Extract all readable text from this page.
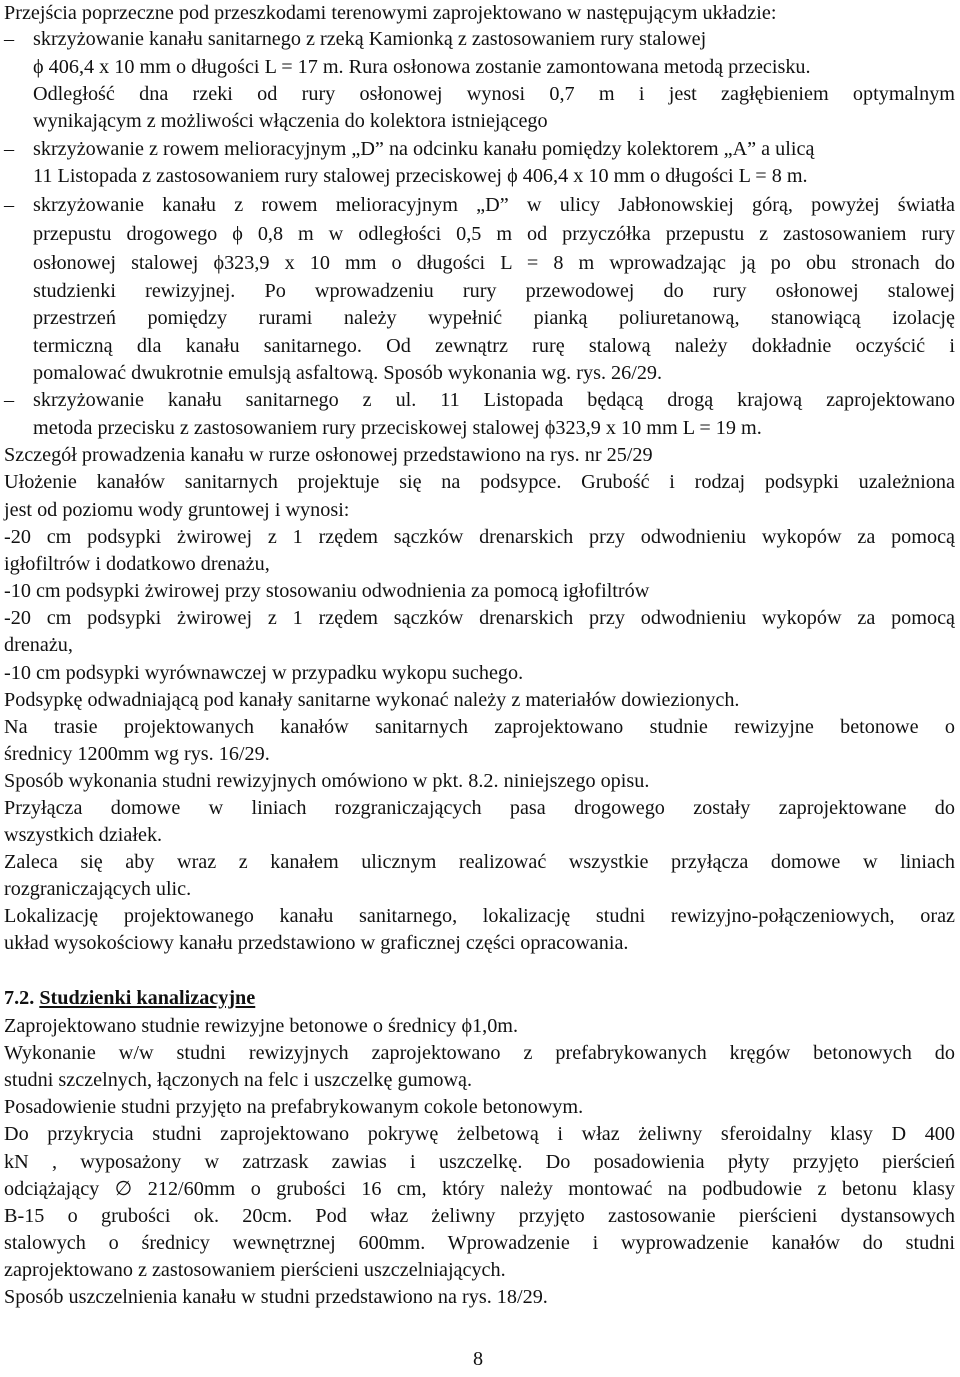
Przejścia poprzeczne pod przeszkodami terenowymi zaprojektowano w następującym układzie:
– skrzyżowanie kanału sanitarnego z rzeką Kamionką z zastosowaniem rury stalowej
ϕ 406,4 x 10 mm o długości L = 17 m. Rura osłonowa zostanie zamontowana metodą przecisku.
Odległość dna rzeki od rury osłonowej wynosi 0,7 m i jest zagłębieniem optymalnym
wynikającym z możliwości włączenia do kolektora istniejącego
– skrzyżowanie z rowem melioracyjnym „D” na odcinku kanału pomiędzy kolektorem „A” a ulicą
11 Listopada z zastosowaniem rury stalowej przeciskowej ϕ 406,4 x 10 mm o długości L = 8 m.
– skrzyżowanie kanału z rowem melioracyjnym „D” w ulicy Jabłonowskiej górą, powyżej światła
przepustu drogowego ϕ 0,8 m w odległości 0,5 m od przyczółka przepustu z zastosowaniem rury
osłonowej stalowej ϕ323,9 x 10 mm o długości L = 8 m wprowadzając ją po obu stronach do
studzienki rewizyjnej. Po wprowadzeniu rury przewodowej do rury osłonowej stalowej
przestrzeń pomiędzy rurami należy wypełnić pianką poliuretanową, stanowiącą izolację
termiczną dla kanału sanitarnego. Od zewnątrz rurę stalową należy dokładnie oczyścić i
pomalować dwukrotnie emulsją asfaltową. Sposób wykonania wg. rys. 26/29.
– skrzyżowanie kanału sanitarnego z ul. 11 Listopada będącą drogą krajową zaprojektowano
metoda przecisku z zastosowaniem rury przeciskowej stalowej ϕ323,9 x 10 mm L = 19 m.
Szczegół prowadzenia kanału w rurze osłonowej przedstawiono na rys. nr 25/29
Ułożenie kanałów sanitarnych projektuje się na podsypce. Grubość i rodzaj podsypki uzależniona
jest od poziomu wody gruntowej i wynosi:
-20 cm podsypki żwirowej z 1 rzędem sączków drenarskich przy odwodnieniu wykopów za pomocą
igłofiltrów i dodatkowo drenażu,
-10 cm podsypki żwirowej przy stosowaniu odwodnienia za pomocą igłofiltrów
-20 cm podsypki żwirowej z 1 rzędem sączków drenarskich przy odwodnieniu wykopów za pomocą
drenażu,
-10 cm podsypki wyrównawczej w przypadku wykopu suchego.
Podsypkę odwadniającą pod kanały sanitarne wykonać należy z materiałów dowiezionych.
Na trasie projektowanych kanałów sanitarnych zaprojektowano studnie rewizyjne betonowe o
średnicy 1200mm wg rys. 16/29.
Sposób wykonania studni rewizyjnych omówiono w pkt. 8.2. niniejszego opisu.
Przyłącza domowe w liniach rozgraniczających pasa drogowego zostały zaprojektowane do
wszystkich działek.
Zaleca się aby wraz z kanałem ulicznym realizować wszystkie przyłącza domowe w liniach
rozgraniczających ulic.
Lokalizację projektowanego kanału sanitarnego, lokalizację studni rewizyjno-połączeniowych, oraz
układ wysokościowy kanału przedstawiono w graficznej części opracowania.
7.2. Studzienki kanalizacyjne
Zaprojektowano studnie rewizyjne betonowe o średnicy ϕ1,0m.
Wykonanie w/w studni rewizyjnych zaprojektowano z prefabrykowanych kręgów betonowych do
studni szczelnych, łączonych na felc i uszczelkę gumową.
Posadowienie studni przyjęto na prefabrykowanym cokole betonowym.
Do przykrycia studni zaprojektowano pokrywę żelbetową i właz żeliwny sferoidalny klasy D 400
kN , wyposażony w zatrzask zawias i uszczelkę. Do posadowienia płyty przyjęto pierścień
odciążający ∅ 212/60mm o grubości 16 cm, który należy montować na podbudowie z betonu klasy
B-15 o grubości ok. 20cm. Pod właz żeliwny przyjęto zastosowanie pierścieni dystansowych
stalowych o średnicy wewnętrznej 600mm. Wprowadzenie i wyprowadzenie kanałów do studni
zaprojektowano z zastosowaniem pierścieni uszczelniających.
Sposób uszczelnienia kanału w studni przedstawiono na rys. 18/29.
8
